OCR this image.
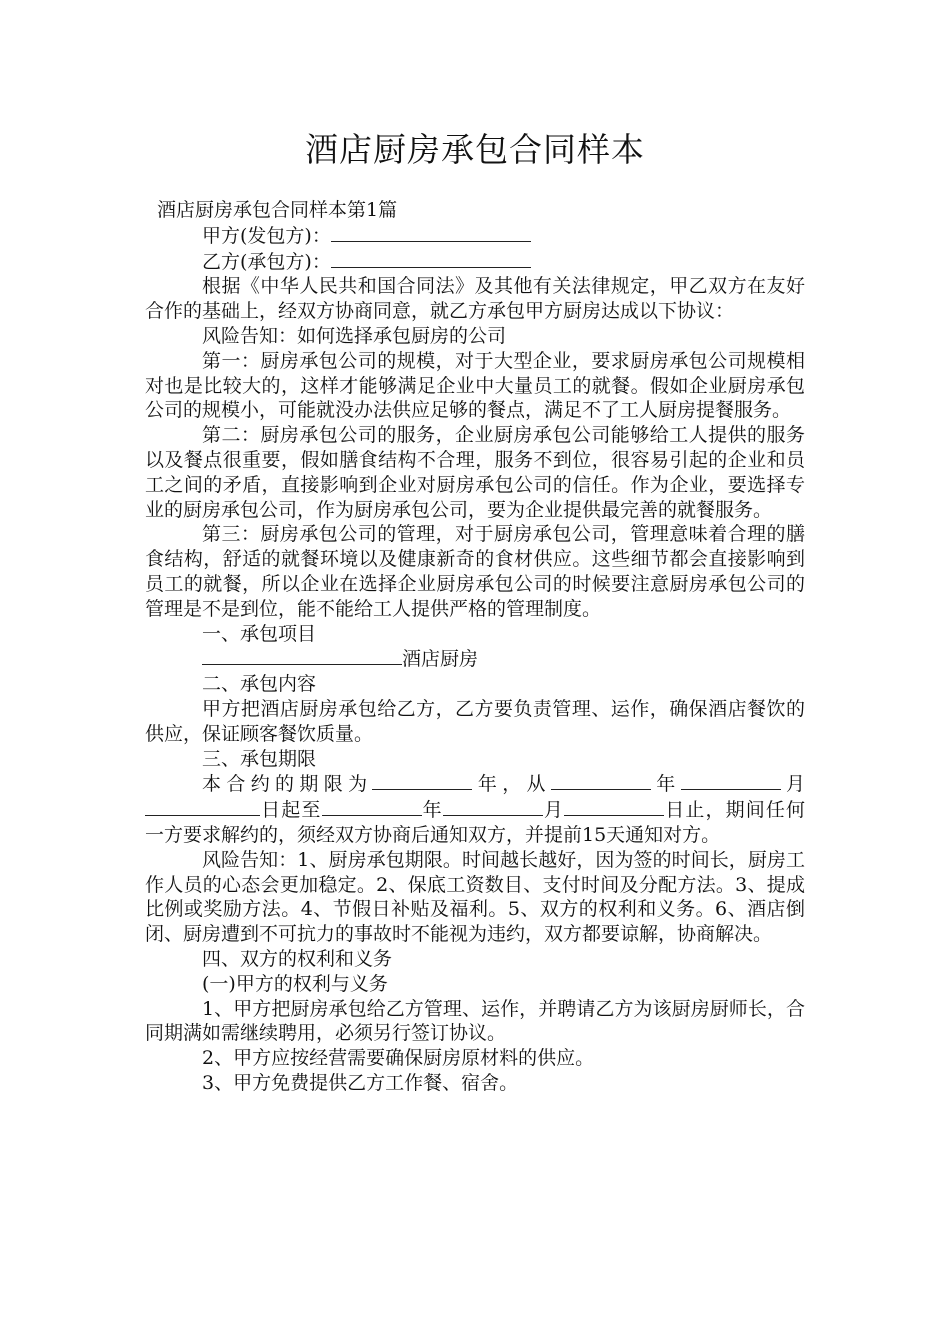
酒店厨房承包合同样本

酒店厨房承包合同样本第1篇

甲方(发包方)：

乙方(承包方)：

根据《中华人民共和国合同法》及其他有关法律规定，甲乙双方在友好合作的基础上，经双方协商同意，就乙方承包甲方厨房达成以下协议：

风险告知：如何选择承包厨房的公司

第一：厨房承包公司的规模，对于大型企业，要求厨房承包公司规模相对也是比较大的，这样才能够满足企业中大量员工的就餐。假如企业厨房承包公司的规模小，可能就没办法供应足够的餐点，满足不了工人厨房提餐服务。

第二：厨房承包公司的服务，企业厨房承包公司能够给工人提供的服务以及餐点很重要，假如膳食结构不合理，服务不到位，很容易引起的企业和员工之间的矛盾，直接影响到企业对厨房承包公司的信任。作为企业，要选择专业的厨房承包公司，作为厨房承包公司，要为企业提供最完善的就餐服务。

第三：厨房承包公司的管理，对于厨房承包公司，管理意味着合理的膳食结构，舒适的就餐环境以及健康新奇的食材供应。这些细节都会直接影响到员工的就餐，所以企业在选择企业厨房承包公司的时候要注意厨房承包公司的管理是不是到位，能不能给工人提供严格的管理制度。

一、承包项目

酒店厨房

二、承包内容

甲方把酒店厨房承包给乙方，乙方要负责管理、运作，确保酒店餐饮的供应，保证顾客餐饮质量。

三、承包期限

本合约的期限为	年，从	年	月日起至	年	月	日止，期间任何一方要求解约的，须经双方协商后通知双方，并提前15天通知对方。

风险告知：1、厨房承包期限。时间越长越好，因为签的时间长，厨房工作人员的心态会更加稳定。2、保底工资数目、支付时间及分配方法。3、提成比例或奖励方法。4、节假日补贴及福利。5、双方的权利和义务。6、酒店倒闭、厨房遭到不可抗力的事故时不能视为违约，双方都要谅解，协商解决。

四、双方的权利和义务

(一)甲方的权利与义务

1、甲方把厨房承包给乙方管理、运作，并聘请乙方为该厨房厨师长，合同期满如需继续聘用，必须另行签订协议。

2、甲方应按经营需要确保厨房原材料的供应。

3、甲方免费提供乙方工作餐、宿舍。
